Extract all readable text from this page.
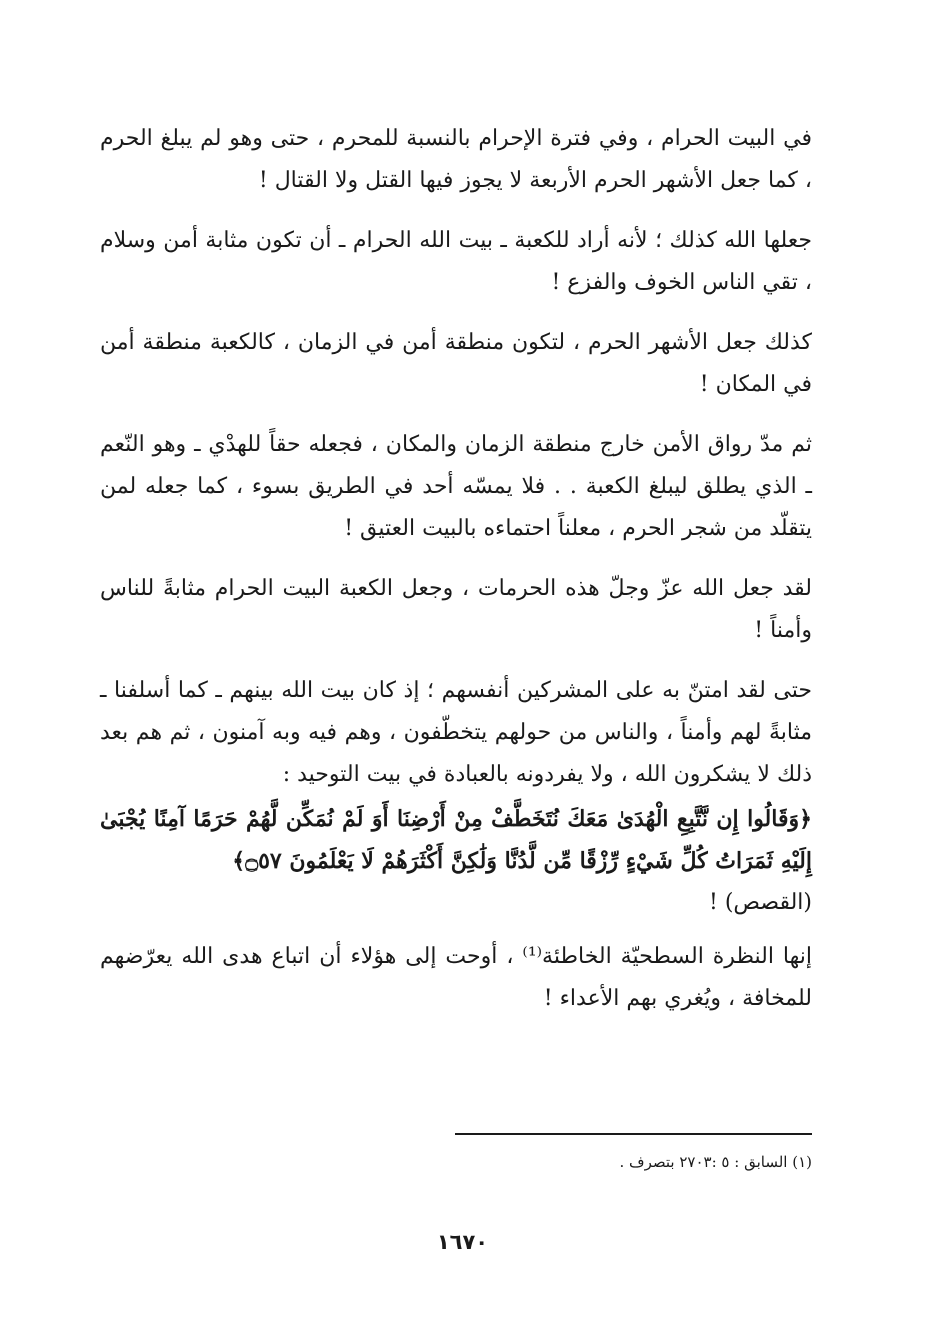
في البيت الحرام ، وفي فترة الإحرام بالنسبة للمحرم ، حتى وهو لم يبلغ الحرم ، كما جعل الأشهر الحرم الأربعة لا يجوز فيها القتل ولا القتال !

جعلها الله كذلك ؛ لأنه أراد للكعبة ـ بيت الله الحرام ـ أن تكون مثابة أمن وسلام ، تقي الناس الخوف والفزع !

كذلك جعل الأشهر الحرم ، لتكون منطقة أمن في الزمان ، كالكعبة منطقة أمن في المكان !

ثم مدّ رواق الأمن خارج منطقة الزمان والمكان ، فجعله حقاً للهدْي ـ وهو النّعم ـ الذي يطلق ليبلغ الكعبة . . فلا يمسّه أحد في الطريق بسوء ، كما جعله لمن يتقلّد من شجر الحرم ، معلناً احتماءه بالبيت العتيق !

لقد جعل الله عزّ وجلّ هذه الحرمات ، وجعل الكعبة البيت الحرام مثابةً للناس وأمناً !

حتى لقد امتنّ به على المشركين أنفسهم ؛ إذ كان بيت الله بينهم ـ كما أسلفنا ـ مثابةً لهم وأمناً ، والناس من حولهم يتخطّفون ، وهم فيه وبه آمنون ، ثم هم بعد ذلك لا يشكرون الله ، ولا يفردونه بالعبادة في بيت التوحيد :

﴿وَقَالُوا إِن نَّتَّبِعِ الْهُدَىٰ مَعَكَ نُتَخَطَّفْ مِنْ أَرْضِنَا أَوَ لَمْ نُمَكِّن لَّهُمْ حَرَمًا آمِنًا يُجْبَىٰ إِلَيْهِ ثَمَرَاتُ كُلِّ شَيْءٍ رِّزْقًا مِّن لَّدُنَّا وَلَٰكِنَّ أَكْثَرَهُمْ لَا يَعْلَمُونَ ۝٥٧﴾

(القصص) !

إنها النظرة السطحيّة الخاطئة⁽¹⁾ ، أوحت إلى هؤلاء أن اتباع هدى الله يعرّضهم للمخافة ، ويُغري بهم الأعداء !

(١) السابق : ٥ :٢٧٠٣ بتصرف .
١٦٧٠
